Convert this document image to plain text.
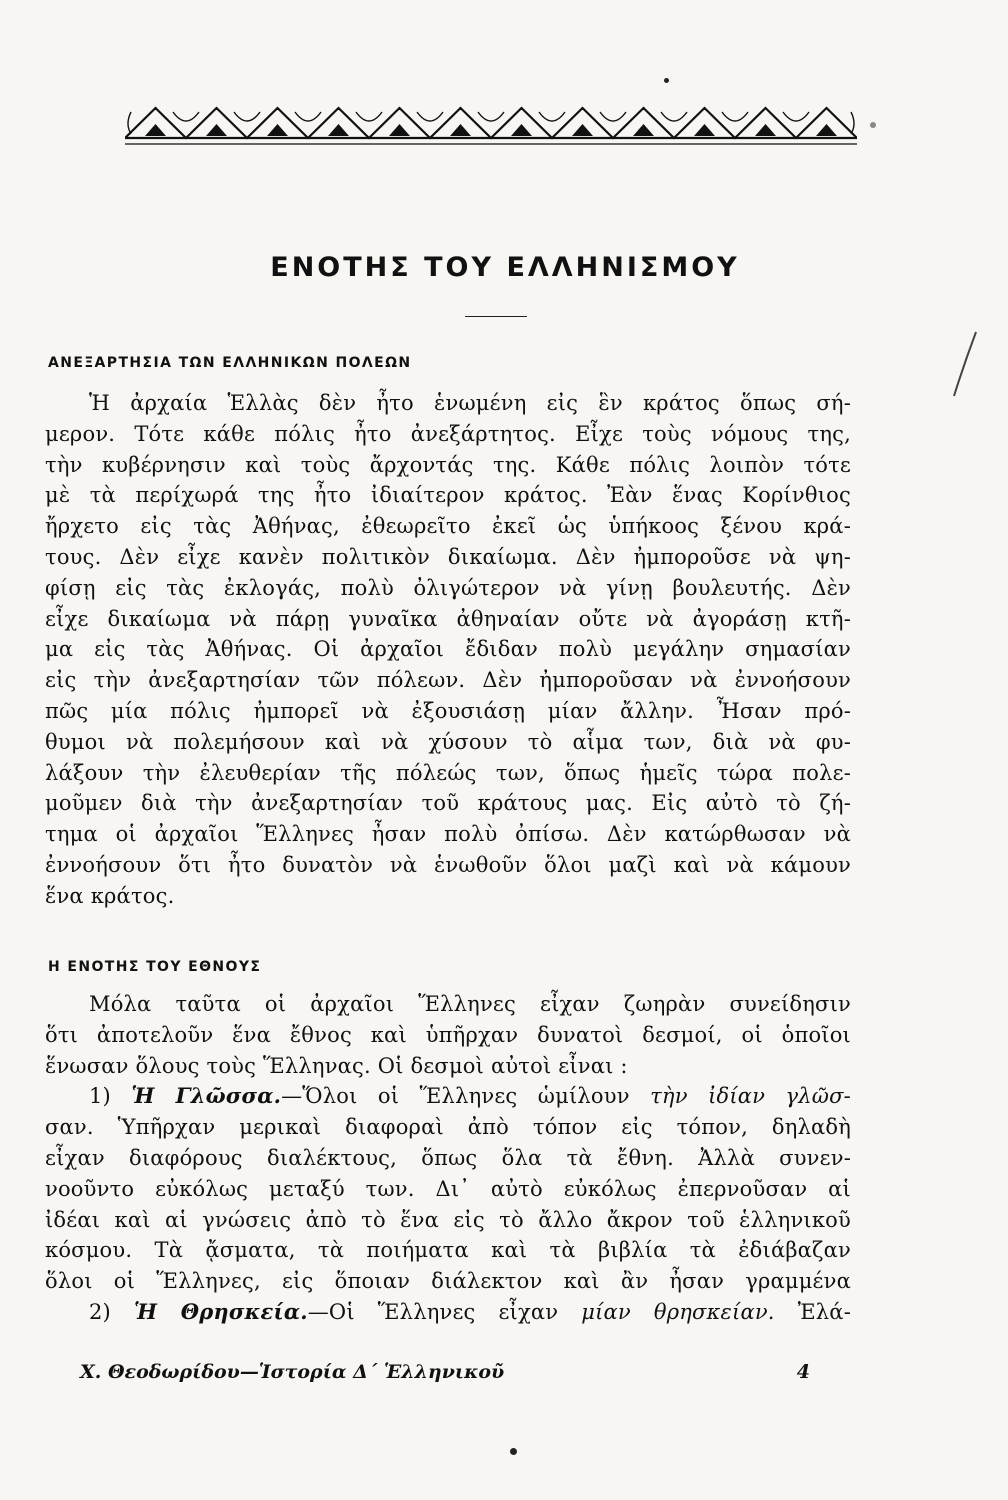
ΕΝΟΤΗΣ ΤΟΥ ΕΛΛΗΝΙΣΜΟΥ
ΑΝΕΞΑΡΤΗΣΙΑ ΤΩΝ ΕΛΛΗΝΙΚΩΝ ΠΟΛΕΩΝ
Ἡ ἀρχαία Ἑλλὰς δὲν ἦτο ἑνωμένη εἰς ἓν κράτος ὅπως σή-
μερον. Τότε κάθε πόλις ἦτο ἀνεξάρτητος. Εἶχε τοὺς νόμους της,
τὴν κυβέρνησιν καὶ τοὺς ἄρχοντάς της. Κάθε πόλις λοιπὸν τότε
μὲ τὰ περίχωρά της ἦτο ἰδιαίτερον κράτος. Ἐὰν ἕνας Κορίνθιος
ἤρχετο εἰς τὰς Ἀθήνας, ἐθεωρεῖτο ἐκεῖ ὡς ὑπήκοος ξένου κρά-
τους. Δὲν εἶχε κανὲν πολιτικὸν δικαίωμα. Δὲν ἠμποροῦσε νὰ ψη-
φίσῃ εἰς τὰς ἐκλογάς, πολὺ ὀλιγώτερον νὰ γίνῃ βουλευτής. Δὲν
εἶχε δικαίωμα νὰ πάρῃ γυναῖκα ἀθηναίαν οὔτε νὰ ἀγοράσῃ κτῆ-
μα εἰς τὰς Ἀθήνας. Οἱ ἀρχαῖοι ἔδιδαν πολὺ μεγάλην σημασίαν
εἰς τὴν ἀνεξαρτησίαν τῶν πόλεων. Δὲν ἠμποροῦσαν νὰ ἐννοήσουν
πῶς μία πόλις ἠμπορεῖ νὰ ἐξουσιάσῃ μίαν ἄλλην. Ἦσαν πρό-
θυμοι νὰ πολεμήσουν καὶ νὰ χύσουν τὸ αἷμα των, διὰ νὰ φυ-
λάξουν τὴν ἐλευθερίαν τῆς πόλεώς των, ὅπως ἡμεῖς τώρα πολε-
μοῦμεν διὰ τὴν ἀνεξαρτησίαν τοῦ κράτους μας. Εἰς αὐτὸ τὸ ζή-
τημα οἱ ἀρχαῖοι Ἕλληνες ἦσαν πολὺ ὀπίσω. Δὲν κατώρθωσαν νὰ
ἐννοήσουν ὅτι ἦτο δυνατὸν νὰ ἑνωθοῦν ὅλοι μαζὶ καὶ νὰ κάμουν
ἕνα κράτος.
Η ΕΝΟΤΗΣ ΤΟΥ ΕΘΝΟΥΣ
Μόλα ταῦτα οἱ ἀρχαῖοι Ἕλληνες εἶχαν ζωηρὰν συνείδησιν
ὅτι ἀποτελοῦν ἕνα ἔθνος καὶ ὑπῆρχαν δυνατοὶ δεσμοί, οἱ ὁποῖοι
ἕνωσαν ὅλους τοὺς Ἕλληνας. Οἱ δεσμοὶ αὐτοὶ εἶναι :
1) Ἡ Γλῶσσα.—Ὅλοι οἱ Ἕλληνες ὡμίλουν τὴν ἰδίαν γλῶσ-
σαν. Ὑπῆρχαν μερικαὶ διαφοραὶ ἀπὸ τόπον εἰς τόπον, δηλαδὴ
εἶχαν διαφόρους διαλέκτους, ὅπως ὅλα τὰ ἔθνη. Ἀλλὰ συνεν-
νοοῦντο εὐκόλως μεταξύ των. Δι᾽ αὐτὸ εὐκόλως ἐπερνοῦσαν αἱ
ἰδέαι καὶ αἱ γνώσεις ἀπὸ τὸ ἕνα εἰς τὸ ἄλλο ἄκρον τοῦ ἑλληνικοῦ
κόσμου. Τὰ ᾄσματα, τὰ ποιήματα καὶ τὰ βιβλία τὰ ἐδιάβαζαν
ὅλοι οἱ Ἕλληνες, εἰς ὅποιαν διάλεκτον καὶ ἂν ἦσαν γραμμένα
2) Ἡ Θρησκεία.—Οἱ Ἕλληνες εἶχαν μίαν θρησκείαν. Ἐλά-
Χ. Θεοδωρίδου—Ἱστορία Δ΄ Ἑλληνικοῦ	4
